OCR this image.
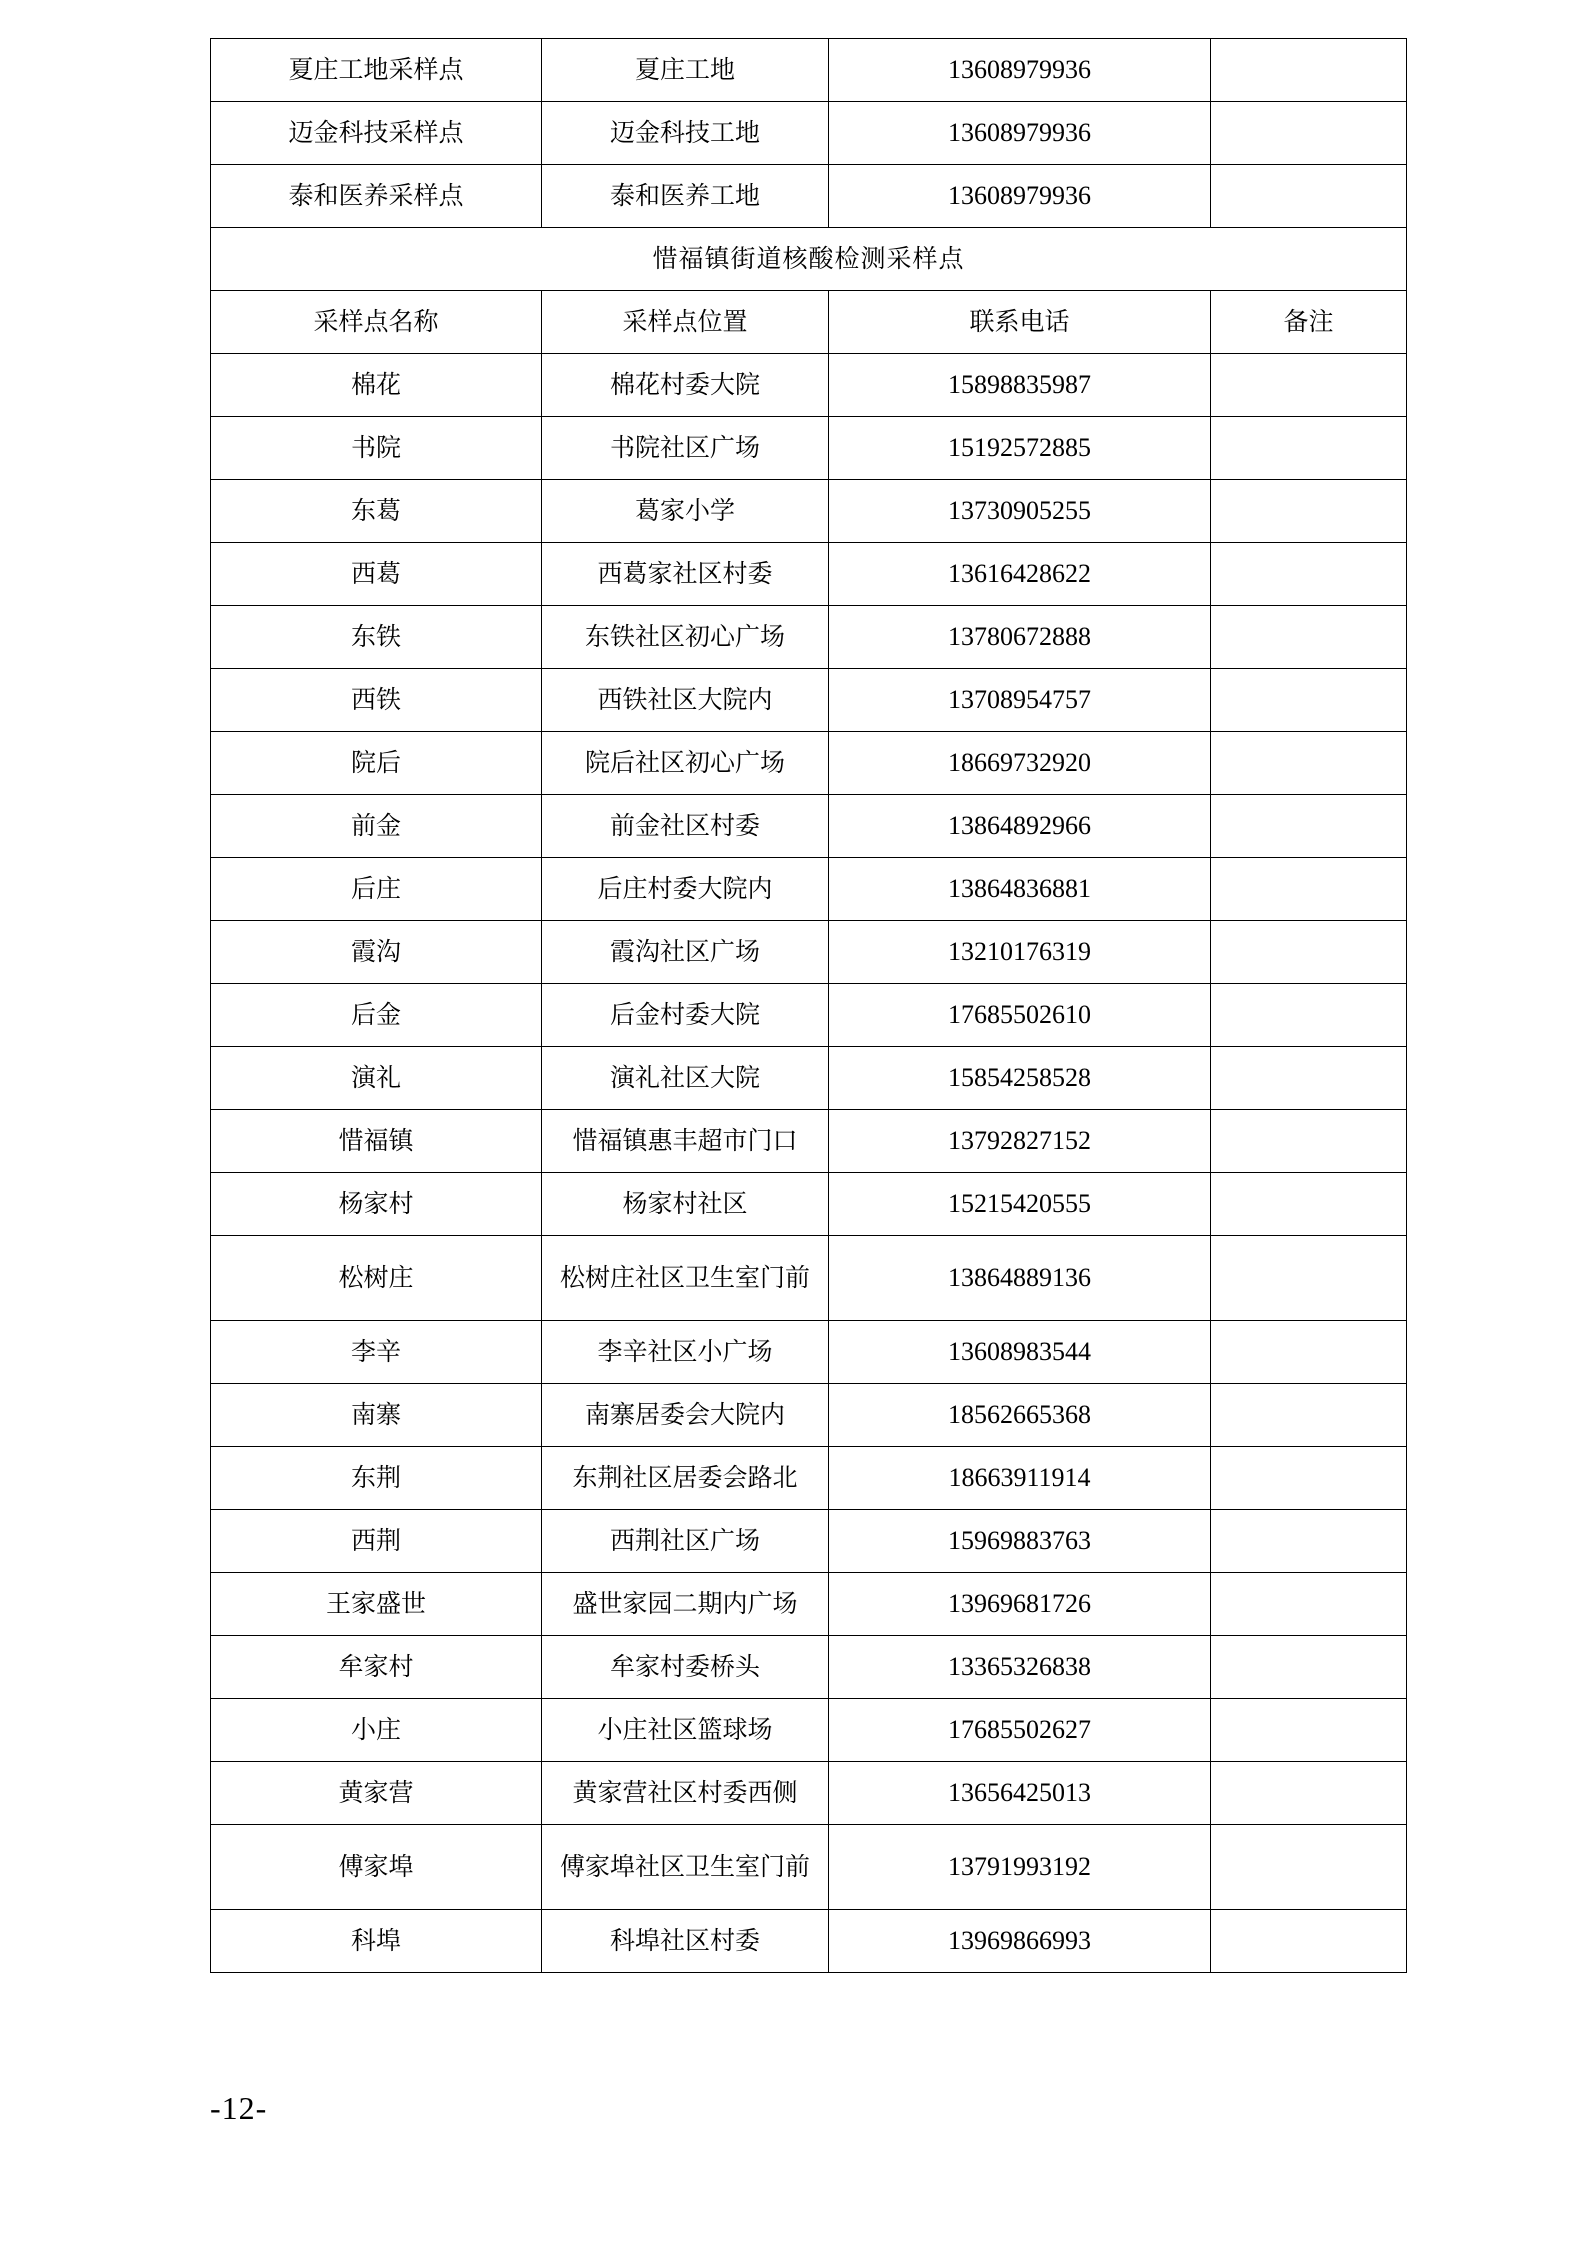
夏庄工地采样点	夏庄工地	13608979936	
迈金科技采样点	迈金科技工地	13608979936	
泰和医养采样点	泰和医养工地	13608979936	
惜福镇街道核酸检测采样点			
采样点名称	采样点位置	联系电话	备注
棉花	棉花村委大院	15898835987	
书院	书院社区广场	15192572885	
东葛	葛家小学	13730905255	
西葛	西葛家社区村委	13616428622	
东铁	东铁社区初心广场	13780672888	
西铁	西铁社区大院内	13708954757	
院后	院后社区初心广场	18669732920	
前金	前金社区村委	13864892966	
后庄	后庄村委大院内	13864836881	
霞沟	霞沟社区广场	13210176319	
后金	后金村委大院	17685502610	
演礼	演礼社区大院	15854258528	
惜福镇	惜福镇惠丰超市门口	13792827152	
杨家村	杨家村社区	15215420555	
松树庄	松树庄社区卫生室门前	13864889136	
李辛	李辛社区小广场	13608983544	
南寨	南寨居委会大院内	18562665368	
东荆	东荆社区居委会路北	18663911914	
西荆	西荆社区广场	15969883763	
王家盛世	盛世家园二期内广场	13969681726	
牟家村	牟家村委桥头	13365326838	
小庄	小庄社区篮球场	17685502627	
黄家营	黄家营社区村委西侧	13656425013	
傅家埠	傅家埠社区卫生室门前	13791993192	
科埠	科埠社区村委	13969866993	
-12-
